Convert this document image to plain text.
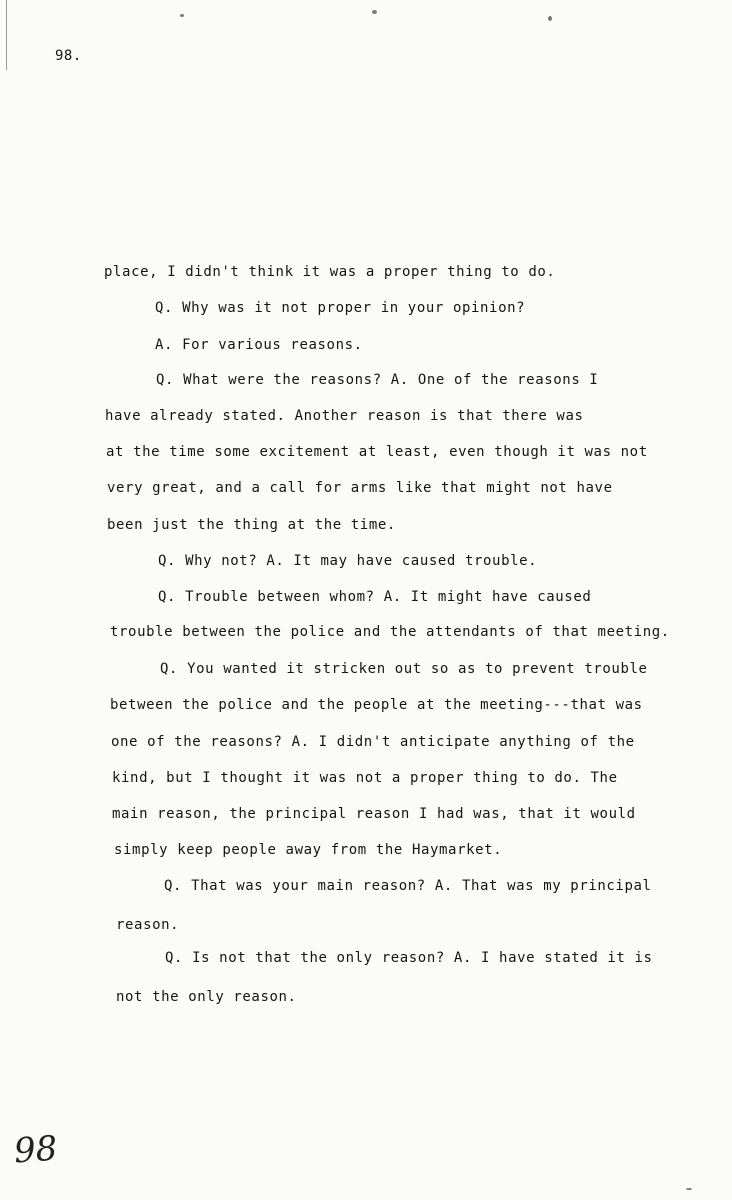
98.
place, I didn't think it was a proper thing to do.
Q. Why was it not proper in your opinion?
A. For various reasons.
Q. What were the reasons? A. One of the reasons I
have already stated. Another reason is that there was
at the time some excitement at least, even though it was not
very great, and a call for arms like that might not have
been just the thing at the time.
Q. Why not? A. It may have caused trouble.
Q. Trouble between whom? A. It might have caused
trouble between the police and the attendants of that meeting.
Q. You wanted it stricken out so as to prevent trouble
between the police and the people at the meeting---that was
one of the reasons? A. I didn't anticipate anything of the
kind, but I thought it was not a proper thing to do. The
main reason, the principal reason I had was, that it would
simply keep people away from the Haymarket.
Q. That was your main reason? A. That was my principal
reason.
Q. Is not that the only reason? A. I have stated it is
not the only reason.
98
